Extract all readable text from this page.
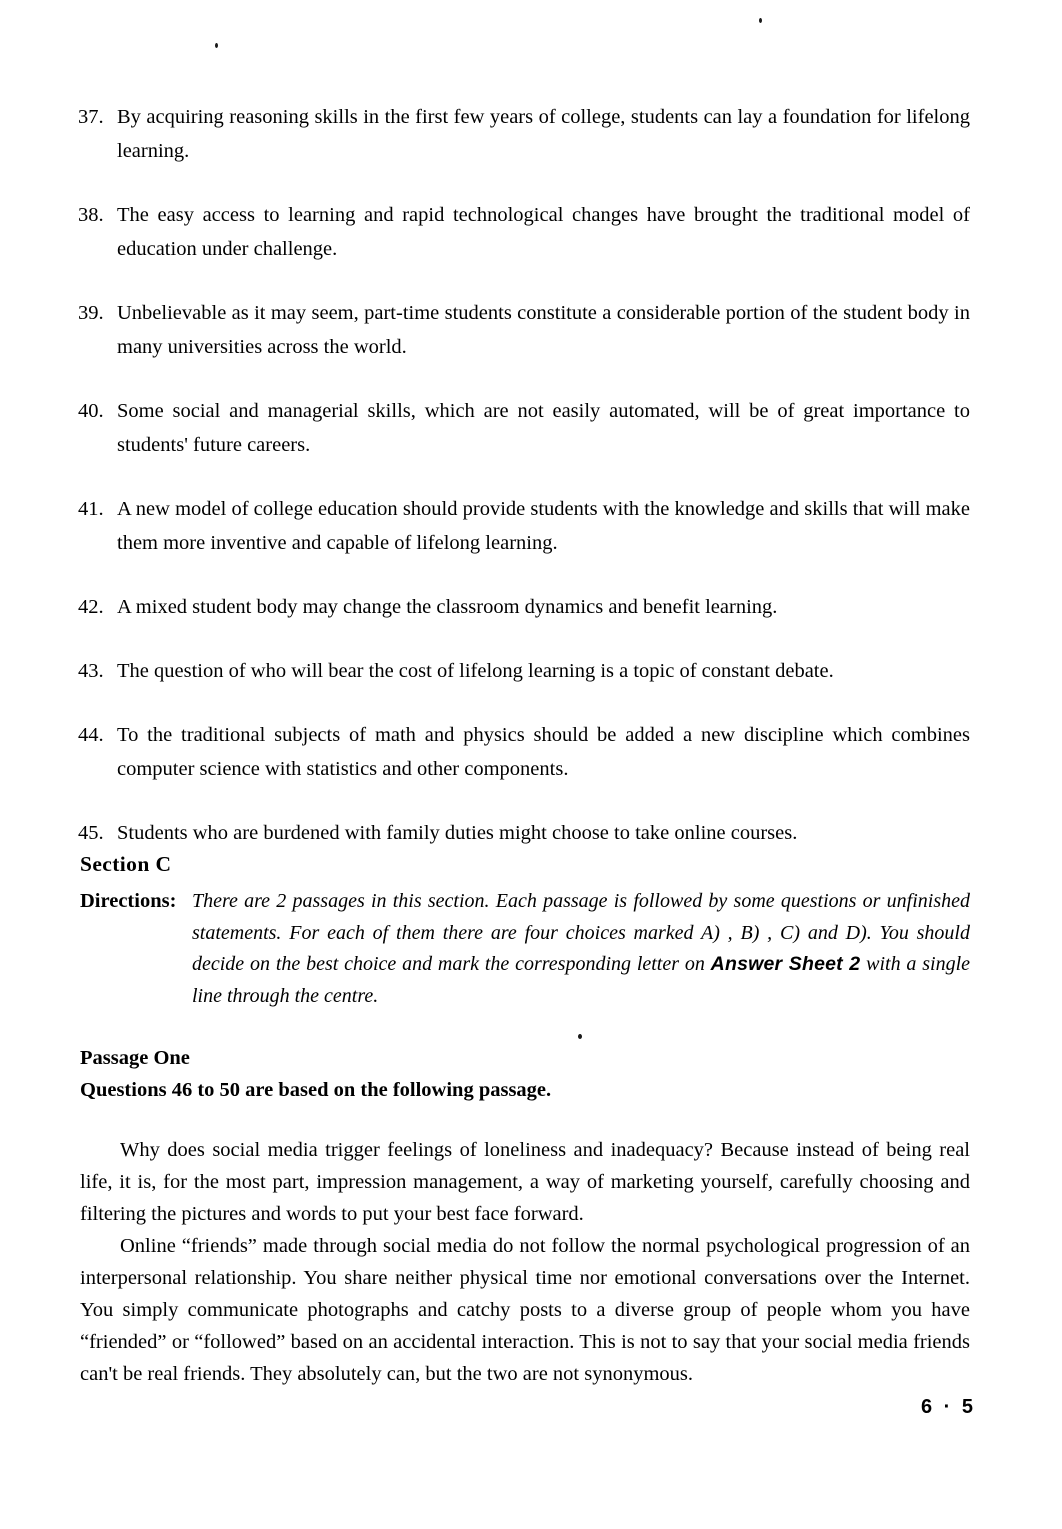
37. By acquiring reasoning skills in the first few years of college, students can lay a foundation for lifelong learning.
38. The easy access to learning and rapid technological changes have brought the traditional model of education under challenge.
39. Unbelievable as it may seem, part-time students constitute a considerable portion of the student body in many universities across the world.
40. Some social and managerial skills, which are not easily automated, will be of great importance to students' future careers.
41. A new model of college education should provide students with the knowledge and skills that will make them more inventive and capable of lifelong learning.
42. A mixed student body may change the classroom dynamics and benefit learning.
43. The question of who will bear the cost of lifelong learning is a topic of constant debate.
44. To the traditional subjects of math and physics should be added a new discipline which combines computer science with statistics and other components.
45. Students who are burdened with family duties might choose to take online courses.
Section C
Directions: There are 2 passages in this section. Each passage is followed by some questions or unfinished statements. For each of them there are four choices marked A) , B) , C) and D). You should decide on the best choice and mark the corresponding letter on Answer Sheet 2 with a single line through the centre.
Passage One
Questions 46 to 50 are based on the following passage.

Why does social media trigger feelings of loneliness and inadequacy? Because instead of being real life, it is, for the most part, impression management, a way of marketing yourself, carefully choosing and filtering the pictures and words to put your best face forward.

Online “friends” made through social media do not follow the normal psychological progression of an interpersonal relationship. You share neither physical time nor emotional conversations over the Internet. You simply communicate photographs and catchy posts to a diverse group of people whom you have “friended” or “followed” based on an accidental interaction. This is not to say that your social media friends can't be real friends. They absolutely can, but the two are not synonymous.

6 · 5
